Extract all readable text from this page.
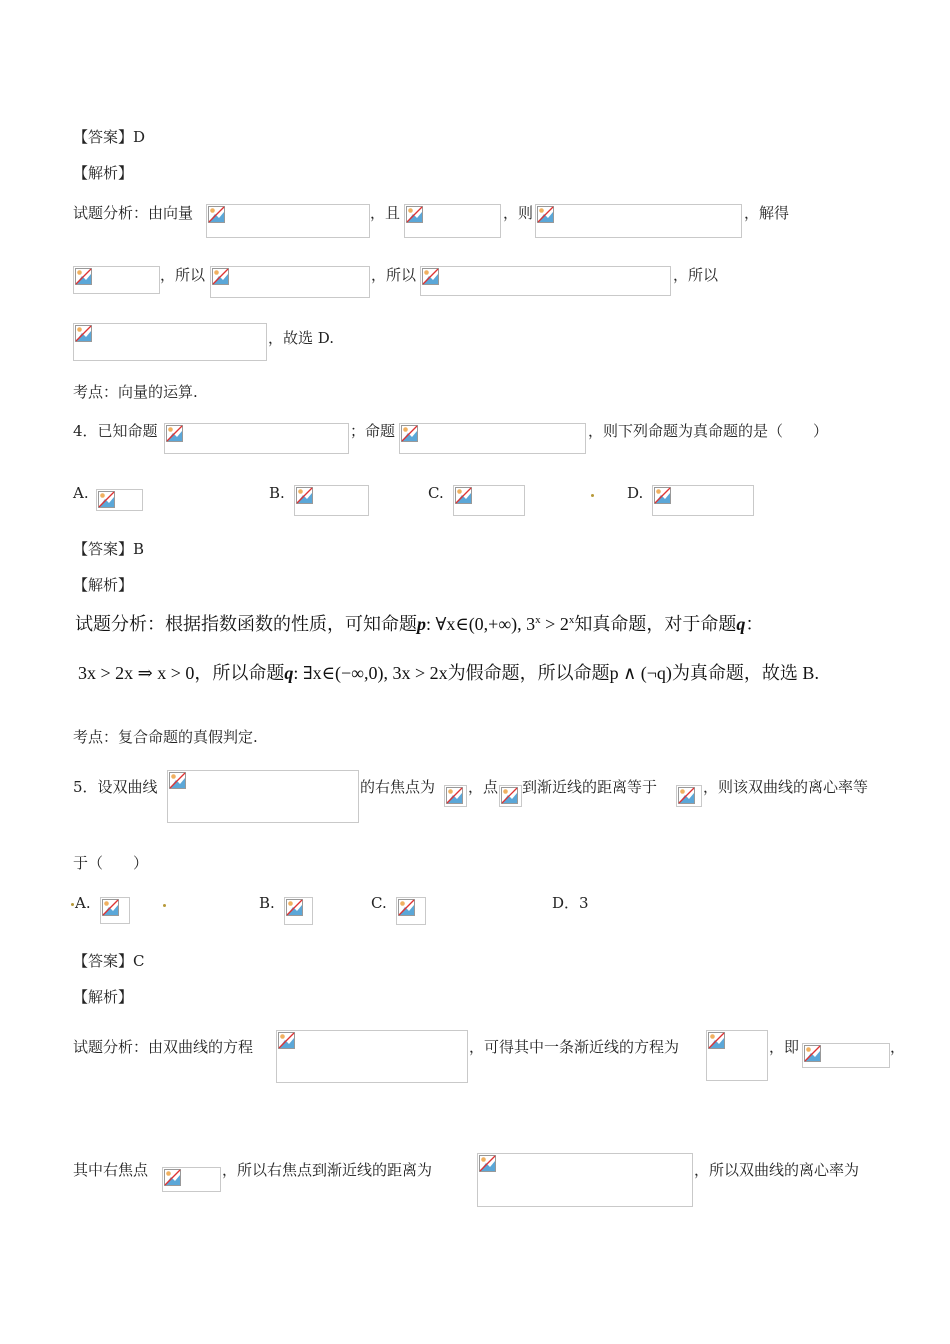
【答案】D
【解析】
试题分析：由向量	，且	，则	，解得
，所以	，所以	，所以
，故选 D.
考点：向量的运算.
4．已知命题	；命题	，则下列命题为真命题的是（　　）
A.	B.	C.	D.
【答案】B
【解析】
试题分析：根据指数函数的性质，可知命题p: ∀x∈(0,+∞), $3^x > 2^x$知真命题，对于命题q：
3x > 2x ⇒ x > 0，所以命题q: ∃x∈(−∞,0), 3x > 2x为假命题，所以命题p ∧ (¬q)为真命题，故选 B.
考点：复合命题的真假判定.
5．设双曲线	的右焦点为 ，点 到渐近线的距离等于	，则该双曲线的离心率等
于（　　）
A.	B.	C.	D．3
【答案】C
【解析】
试题分析：由双曲线的方程	，可得其中一条渐近线的方程为	，即	，
其中右焦点	，所以右焦点到渐近线的距离为	，所以双曲线的离心率为
